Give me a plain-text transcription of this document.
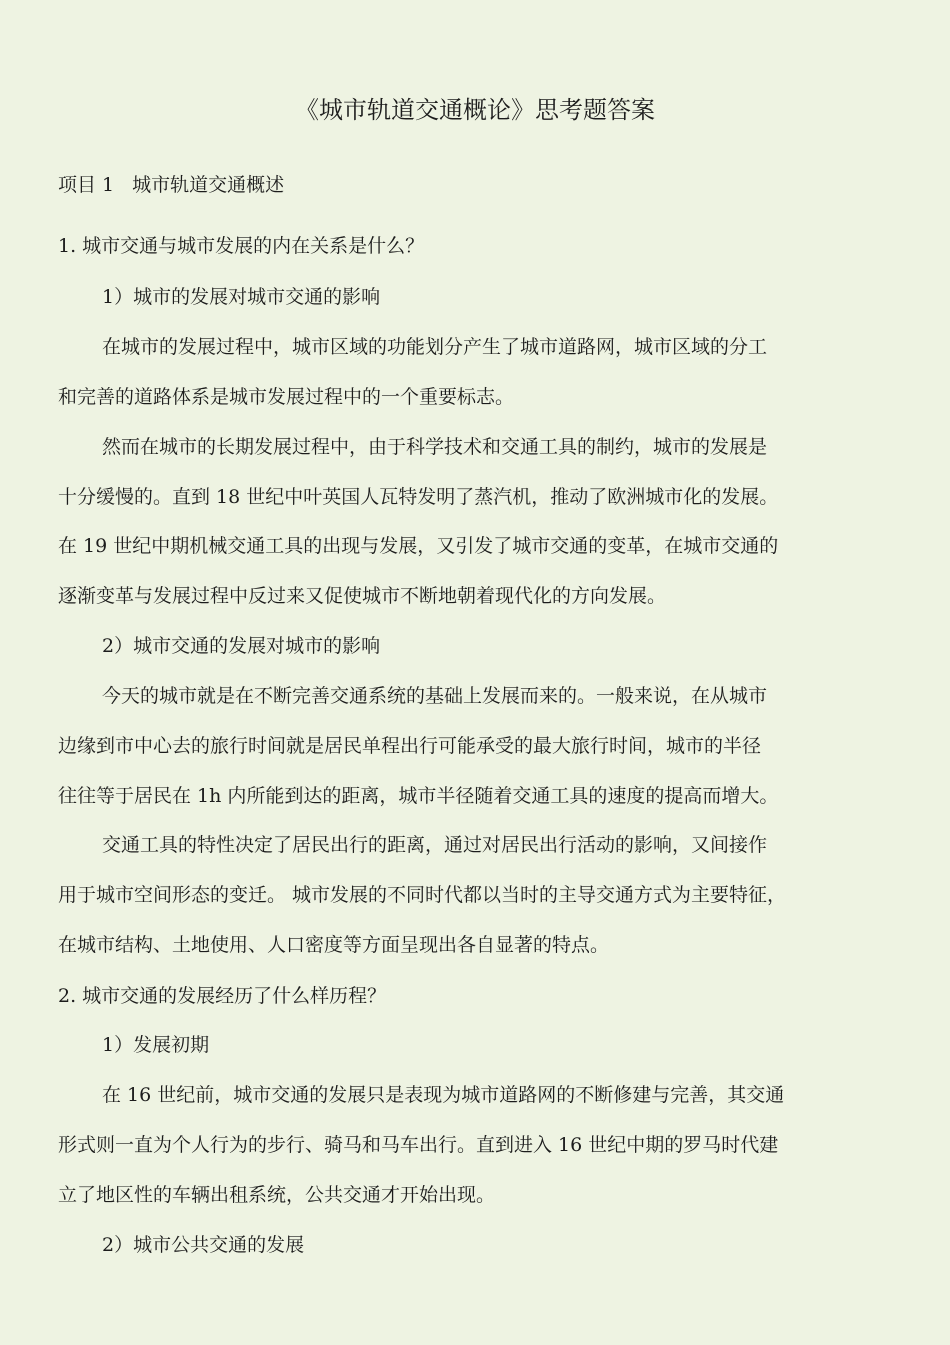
《城市轨道交通概论》思考题答案
项目 1 城市轨道交通概述
1. 城市交通与城市发展的内在关系是什么？
1）城市的发展对城市交通的影响
在城市的发展过程中，城市区域的功能划分产生了城市道路网，城市区域的分工
和完善的道路体系是城市发展过程中的一个重要标志。
然而在城市的长期发展过程中，由于科学技术和交通工具的制约，城市的发展是
十分缓慢的。直到 18 世纪中叶英国人瓦特发明了蒸汽机，推动了欧洲城市化的发展。
在 19 世纪中期机械交通工具的出现与发展，又引发了城市交通的变革，在城市交通的
逐渐变革与发展过程中反过来又促使城市不断地朝着现代化的方向发展。
2）城市交通的发展对城市的影响
今天的城市就是在不断完善交通系统的基础上发展而来的。一般来说，在从城市
边缘到市中心去的旅行时间就是居民单程出行可能承受的最大旅行时间，城市的半径
往往等于居民在 1h 内所能到达的距离，城市半径随着交通工具的速度的提高而增大。
交通工具的特性决定了居民出行的距离，通过对居民出行活动的影响，又间接作
用于城市空间形态的变迁。 城市发展的不同时代都以当时的主导交通方式为主要特征，
在城市结构、土地使用、人口密度等方面呈现出各自显著的特点。
2. 城市交通的发展经历了什么样历程？
1）发展初期
在 16 世纪前，城市交通的发展只是表现为城市道路网的不断修建与完善，其交通
形式则一直为个人行为的步行、骑马和马车出行。直到进入 16 世纪中期的罗马时代建
立了地区性的车辆出租系统，公共交通才开始出现。
2）城市公共交通的发展
